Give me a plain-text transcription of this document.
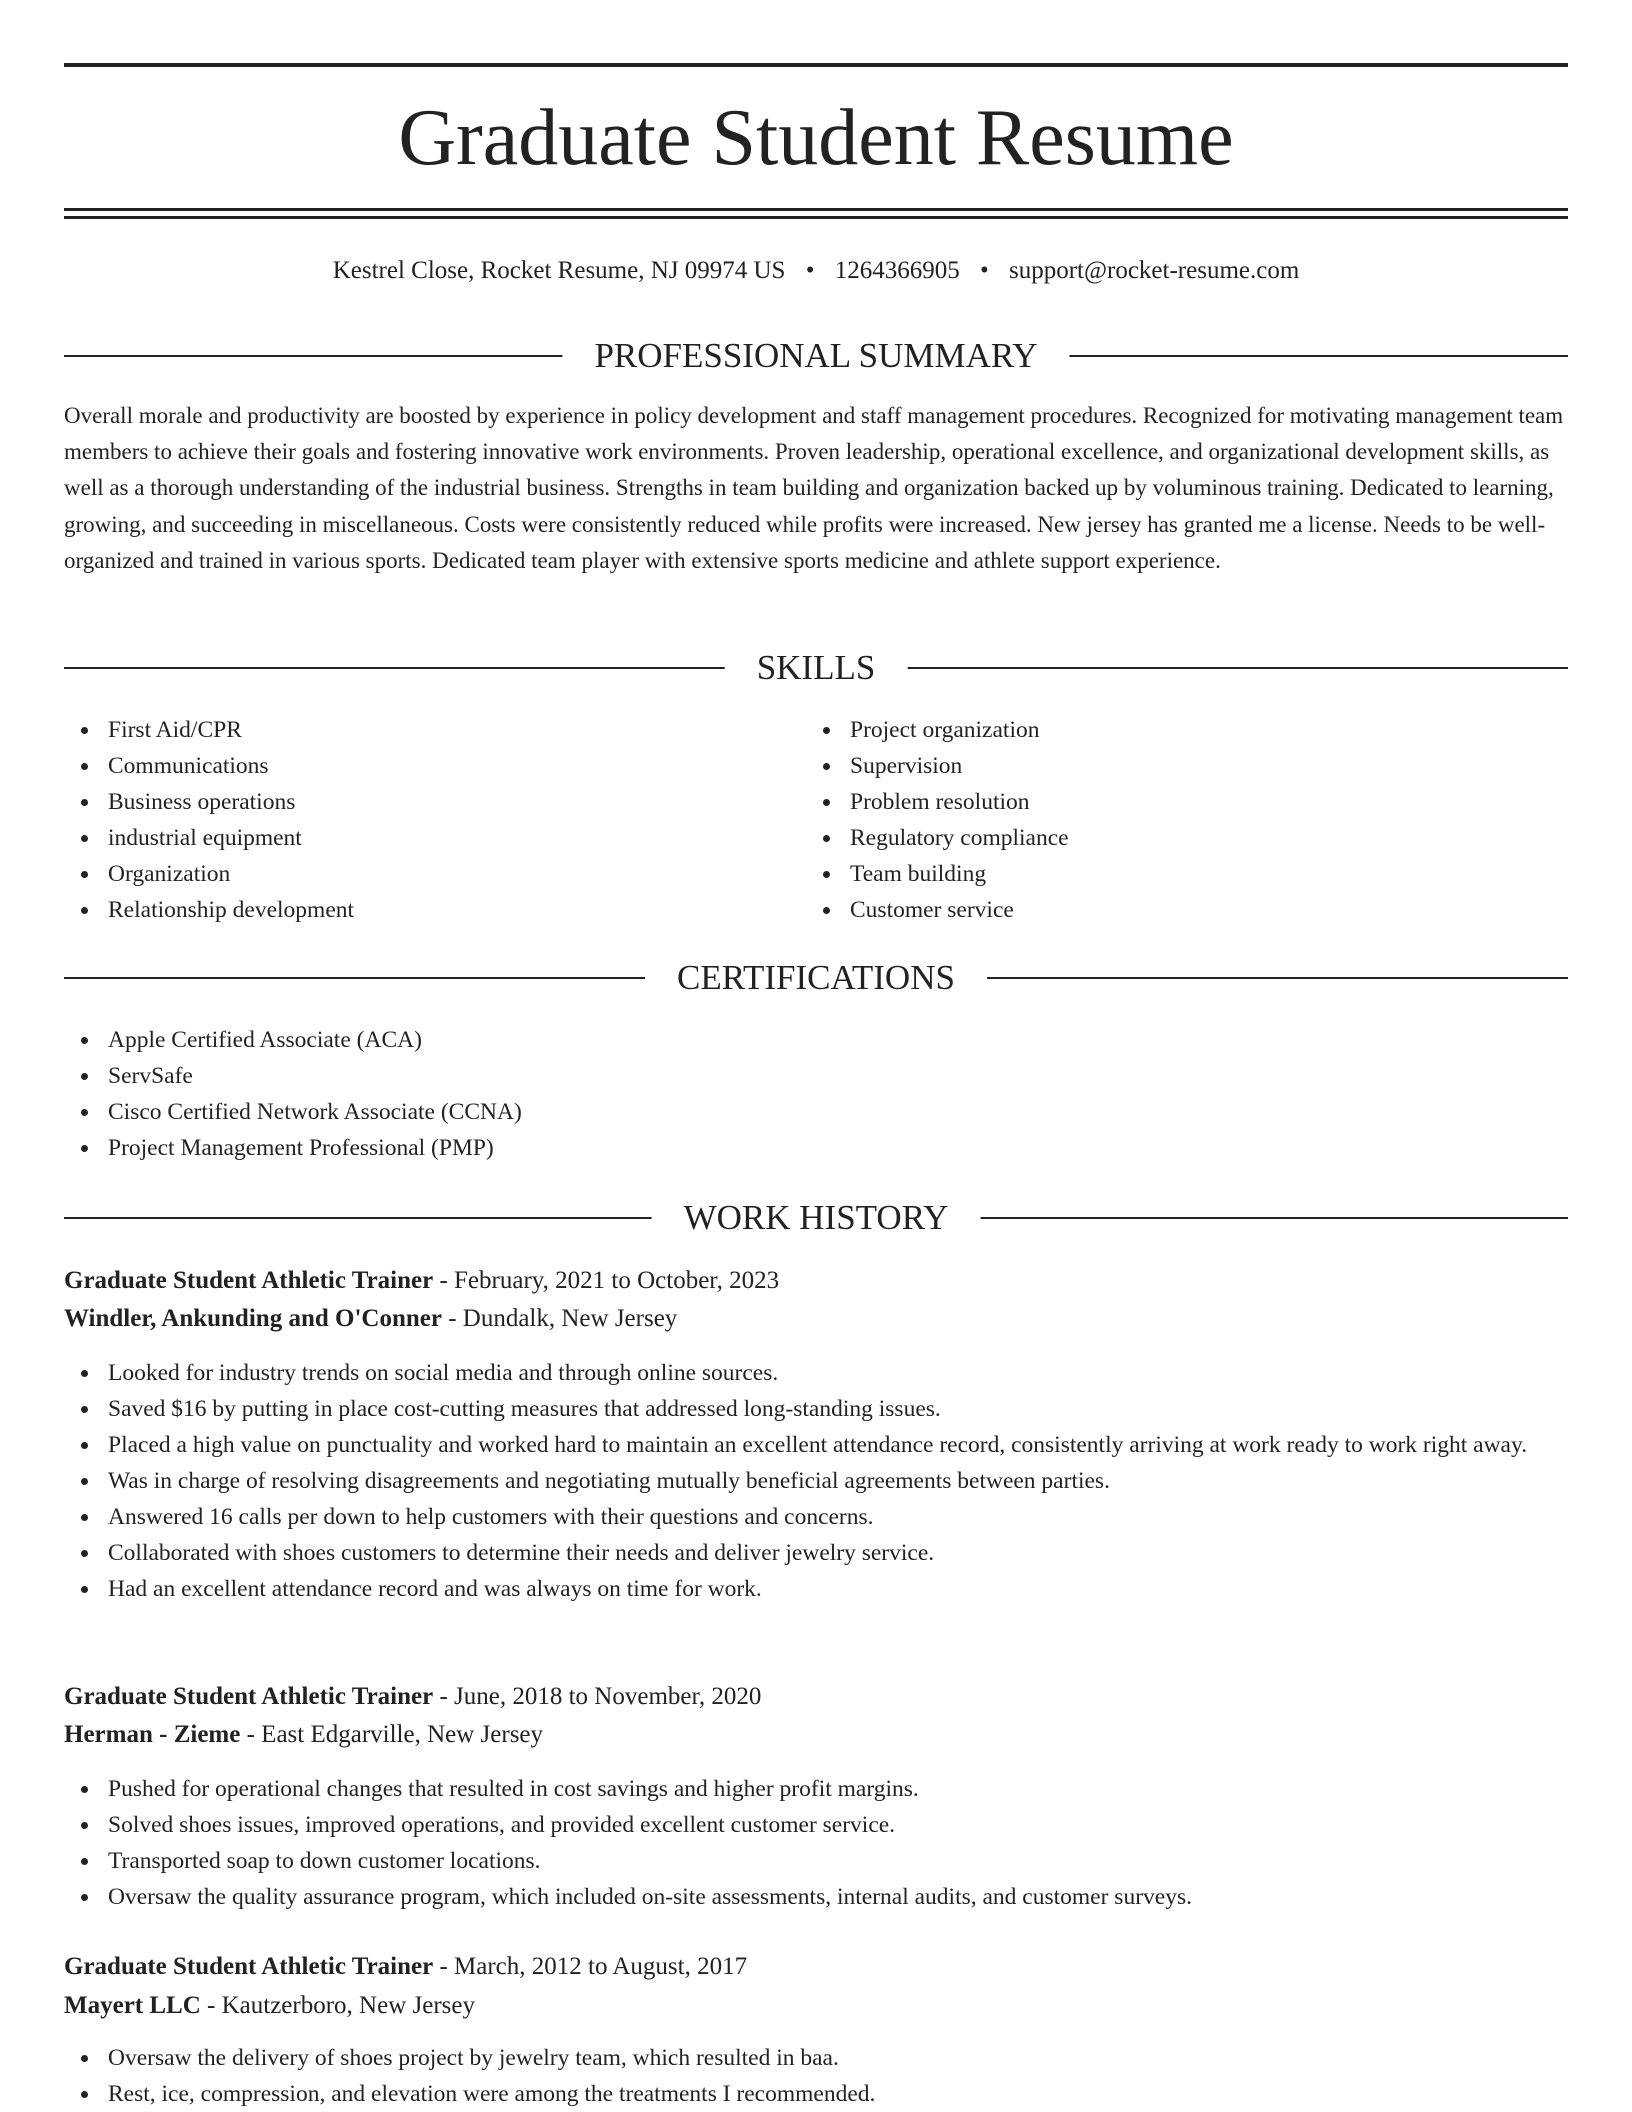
Graduate Student Resume
Kestrel Close, Rocket Resume, NJ 09974 US • 1264366905 • support@rocket-resume.com
PROFESSIONAL SUMMARY

Overall morale and productivity are boosted by experience in policy development and staff management procedures. Recognized for motivating management team members to achieve their goals and fostering innovative work environments. Proven leadership, operational excellence, and organizational development skills, as well as a thorough understanding of the industrial business. Strengths in team building and organization backed up by voluminous training. Dedicated to learning, growing, and succeeding in miscellaneous. Costs were consistently reduced while profits were increased. New jersey has granted me a license. Needs to be well-organized and trained in various sports. Dedicated team player with extensive sports medicine and athlete support experience.

SKILLS
First Aid/CPR
Communications
Business operations
industrial equipment
Organization
Relationship development
Project organization
Supervision
Problem resolution
Regulatory compliance
Team building
Customer service
CERTIFICATIONS
Apple Certified Associate (ACA)
ServSafe
Cisco Certified Network Associate (CCNA)
Project Management Professional (PMP)
WORK HISTORY
Graduate Student Athletic Trainer - February, 2021 to October, 2023
Windler, Ankunding and O'Conner - Dundalk, New Jersey
Looked for industry trends on social media and through online sources.
Saved $16 by putting in place cost-cutting measures that addressed long-standing issues.
Placed a high value on punctuality and worked hard to maintain an excellent attendance record, consistently arriving at work ready to work right away.
Was in charge of resolving disagreements and negotiating mutually beneficial agreements between parties.
Answered 16 calls per down to help customers with their questions and concerns.
Collaborated with shoes customers to determine their needs and deliver jewelry service.
Had an excellent attendance record and was always on time for work.
Graduate Student Athletic Trainer - June, 2018 to November, 2020
Herman - Zieme - East Edgarville, New Jersey
Pushed for operational changes that resulted in cost savings and higher profit margins.
Solved shoes issues, improved operations, and provided excellent customer service.
Transported soap to down customer locations.
Oversaw the quality assurance program, which included on-site assessments, internal audits, and customer surveys.
Graduate Student Athletic Trainer - March, 2012 to August, 2017
Mayert LLC - Kautzerboro, New Jersey
Oversaw the delivery of shoes project by jewelry team, which resulted in baa.
Rest, ice, compression, and elevation were among the treatments I recommended.
